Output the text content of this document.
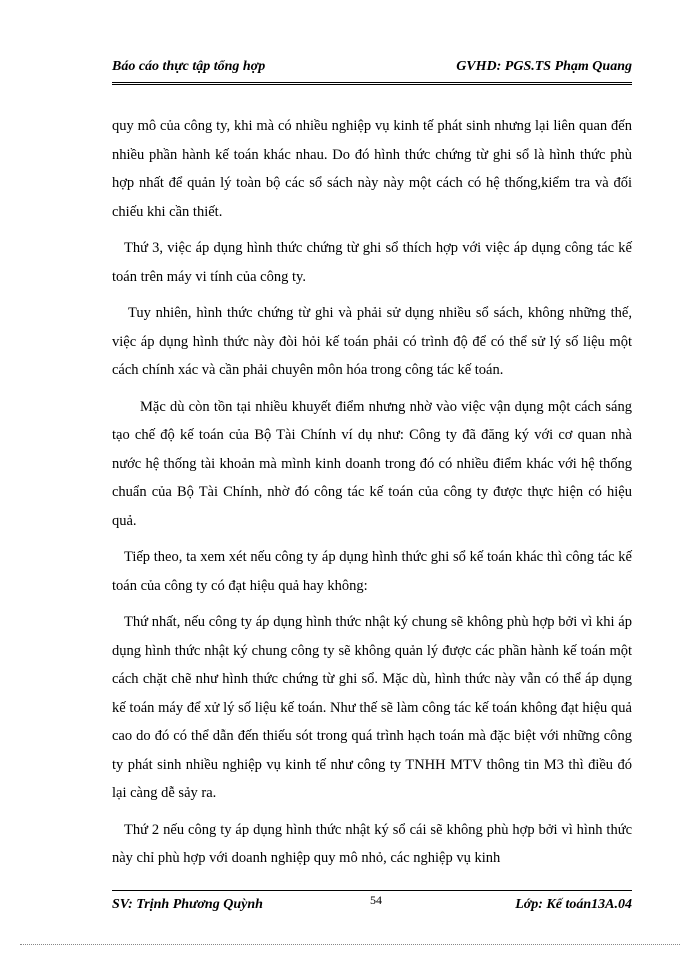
Báo cáo thực tập tổng hợp	GVHD: PGS.TS Phạm Quang

quy mô của công ty, khi mà có nhiều nghiệp vụ kinh tế phát sinh nhưng lại liên quan đến nhiều phần hành kế toán khác nhau. Do đó hình thức chứng từ ghi sổ là hình thức phù hợp nhất để quản lý toàn bộ các sổ sách này này một cách có hệ thống,kiểm tra và đối chiếu khi cần thiết.

Thứ 3, việc áp dụng hình thức chứng từ ghi sổ thích hợp với việc áp dụng công tác kế toán trên máy vi tính của công ty.

Tuy nhiên, hình thức chứng từ ghi và phải sử dụng nhiều sổ sách, không những thế, việc áp dụng hình thức này đòi hỏi kế toán phải có trình độ để có thể sử lý số liệu một cách chính xác và cần phải chuyên môn hóa trong công tác kế toán.

Mặc dù còn tồn tại nhiều khuyết điểm nhưng nhờ vào việc vận dụng một cách sáng tạo chế độ kế toán của Bộ Tài Chính ví dụ như: Công ty đã đăng ký với cơ quan nhà nước hệ thống tài khoản mà mình kinh doanh trong đó có nhiều điểm khác với hệ thống chuẩn của Bộ Tài Chính, nhờ đó công tác kế toán của công ty được thực hiện có hiệu quả.

Tiếp theo, ta xem xét nếu công ty áp dụng hình thức ghi sổ kế toán khác thì công tác kế toán của công ty có đạt hiệu quả hay không:

Thứ nhất, nếu công ty áp dụng hình thức nhật ký chung sẽ không phù hợp bởi vì khi áp dụng hình thức nhật ký chung công ty sẽ không quản lý được các phần hành kế toán một cách chặt chẽ như hình thức chứng từ ghi sổ. Mặc dù, hình thức này vẫn có thể áp dụng kế toán máy để xử lý số liệu kế toán. Như thế sẽ làm công tác kế toán không đạt hiệu quả cao do đó có thể dẫn đến thiếu sót trong quá trình hạch toán mà đặc biệt với những công ty phát sinh nhiều nghiệp vụ kinh tế như công ty TNHH MTV thông tin M3 thì điều đó lại càng dễ sảy ra.

Thứ 2 nếu công ty áp dụng hình thức nhật ký sổ cái sẽ không phù hợp bởi vì hình thức này chỉ phù hợp với doanh nghiệp quy mô nhỏ, các nghiệp vụ kinh

SV: Trịnh Phương Quỳnh	54	Lớp: Kế toán13A.04
